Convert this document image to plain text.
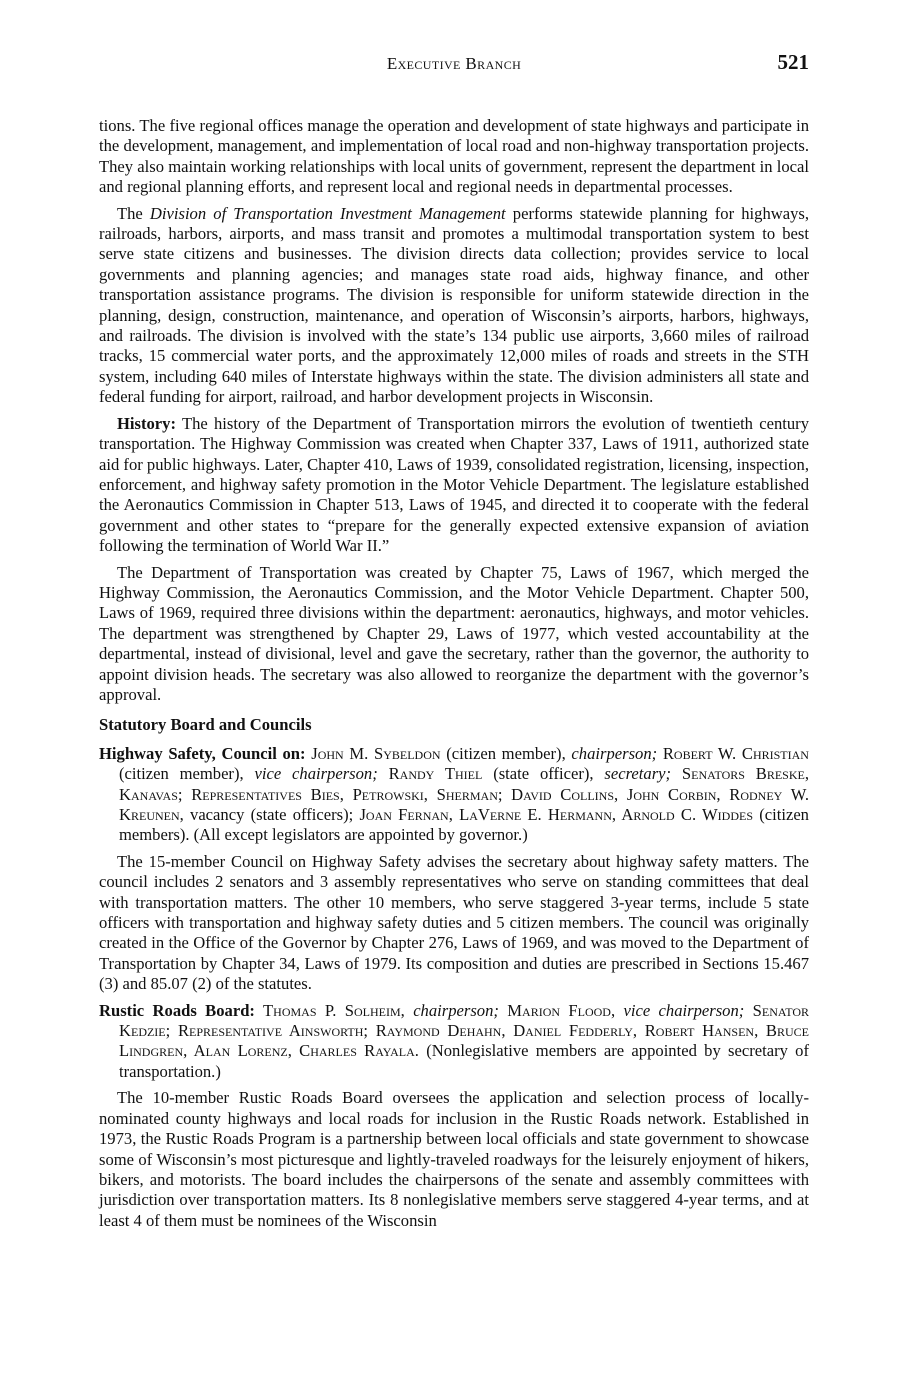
Executive Branch	521

tions. The five regional offices manage the operation and development of state highways and participate in the development, management, and implementation of local road and non-highway transportation projects. They also maintain working relationships with local units of government, represent the department in local and regional planning efforts, and represent local and regional needs in departmental processes.

The Division of Transportation Investment Management performs statewide planning for highways, railroads, harbors, airports, and mass transit and promotes a multimodal transportation system to best serve state citizens and businesses. The division directs data collection; provides service to local governments and planning agencies; and manages state road aids, highway finance, and other transportation assistance programs. The division is responsible for uniform statewide direction in the planning, design, construction, maintenance, and operation of Wisconsin’s airports, harbors, highways, and railroads. The division is involved with the state’s 134 public use airports, 3,660 miles of railroad tracks, 15 commercial water ports, and the approximately 12,000 miles of roads and streets in the STH system, including 640 miles of Interstate highways within the state. The division administers all state and federal funding for airport, railroad, and harbor development projects in Wisconsin.

History: The history of the Department of Transportation mirrors the evolution of twentieth century transportation. The Highway Commission was created when Chapter 337, Laws of 1911, authorized state aid for public highways. Later, Chapter 410, Laws of 1939, consolidated registration, licensing, inspection, enforcement, and highway safety promotion in the Motor Vehicle Department. The legislature established the Aeronautics Commission in Chapter 513, Laws of 1945, and directed it to cooperate with the federal government and other states to “prepare for the generally expected extensive expansion of aviation following the termination of World War II.”

The Department of Transportation was created by Chapter 75, Laws of 1967, which merged the Highway Commission, the Aeronautics Commission, and the Motor Vehicle Department. Chapter 500, Laws of 1969, required three divisions within the department: aeronautics, highways, and motor vehicles. The department was strengthened by Chapter 29, Laws of 1977, which vested accountability at the departmental, instead of divisional, level and gave the secretary, rather than the governor, the authority to appoint division heads. The secretary was also allowed to reorganize the department with the governor’s approval.

Statutory Board and Councils

Highway Safety, Council on: John M. Sybeldon (citizen member), chairperson; Robert W. Christian (citizen member), vice chairperson; Randy Thiel (state officer), secretary; Senators Breske, Kanavas; Representatives Bies, Petrowski, Sherman; David Collins, John Corbin, Rodney W. Kreunen, vacancy (state officers); Joan Fernan, LaVerne E. Hermann, Arnold C. Widdes (citizen members). (All except legislators are appointed by governor.)

The 15-member Council on Highway Safety advises the secretary about highway safety matters. The council includes 2 senators and 3 assembly representatives who serve on standing committees that deal with transportation matters. The other 10 members, who serve staggered 3-year terms, include 5 state officers with transportation and highway safety duties and 5 citizen members. The council was originally created in the Office of the Governor by Chapter 276, Laws of 1969, and was moved to the Department of Transportation by Chapter 34, Laws of 1979. Its composition and duties are prescribed in Sections 15.467 (3) and 85.07 (2) of the statutes.

Rustic Roads Board: Thomas P. Solheim, chairperson; Marion Flood, vice chairperson; Senator Kedzie; Representative Ainsworth; Raymond Dehahn, Daniel Fedderly, Robert Hansen, Bruce Lindgren, Alan Lorenz, Charles Rayala. (Nonlegislative members are appointed by secretary of transportation.)

The 10-member Rustic Roads Board oversees the application and selection process of locally-nominated county highways and local roads for inclusion in the Rustic Roads network. Established in 1973, the Rustic Roads Program is a partnership between local officials and state government to showcase some of Wisconsin’s most picturesque and lightly-traveled roadways for the leisurely enjoyment of hikers, bikers, and motorists. The board includes the chairpersons of the senate and assembly committees with jurisdiction over transportation matters. Its 8 nonlegislative members serve staggered 4-year terms, and at least 4 of them must be nominees of the Wisconsin
